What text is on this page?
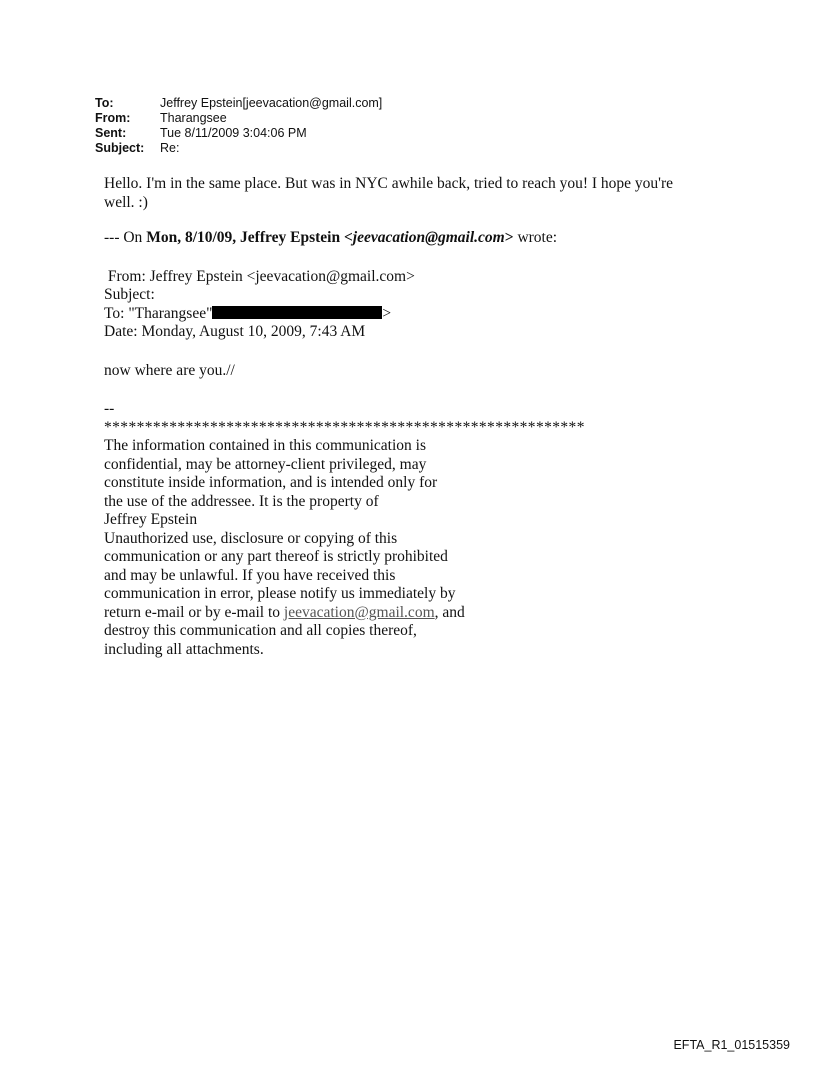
To:	Jeffrey Epstein[jeevacation@gmail.com]
From:	Tharangsee
Sent:	Tue 8/11/2009 3:04:06 PM
Subject:	Re:

Hello. I'm in the same place. But was in NYC awhile back, tried to reach you! I hope you're

well. :)

--- On Mon, 8/10/09, Jeffrey Epstein <jeevacation@gmail.com> wrote:

From: Jeffrey Epstein <jeevacation@gmail.com>

Subject:

To: "Tharangsee"	>

Date: Monday, August 10, 2009, 7:43 AM

now where are you.//

--

***********************************************************

The information contained in this communication is

confidential, may be attorney-client privileged, may

constitute inside information, and is intended only for

the use of the addressee. It is the property of

Jeffrey Epstein

Unauthorized use, disclosure or copying of this

communication or any part thereof is strictly prohibited

and may be unlawful. If you have received this

communication in error, please notify us immediately by

return e-mail or by e-mail to jeevacation@gmail.com, and

destroy this communication and all copies thereof,

including all attachments.

EFTA_R1_01515359
